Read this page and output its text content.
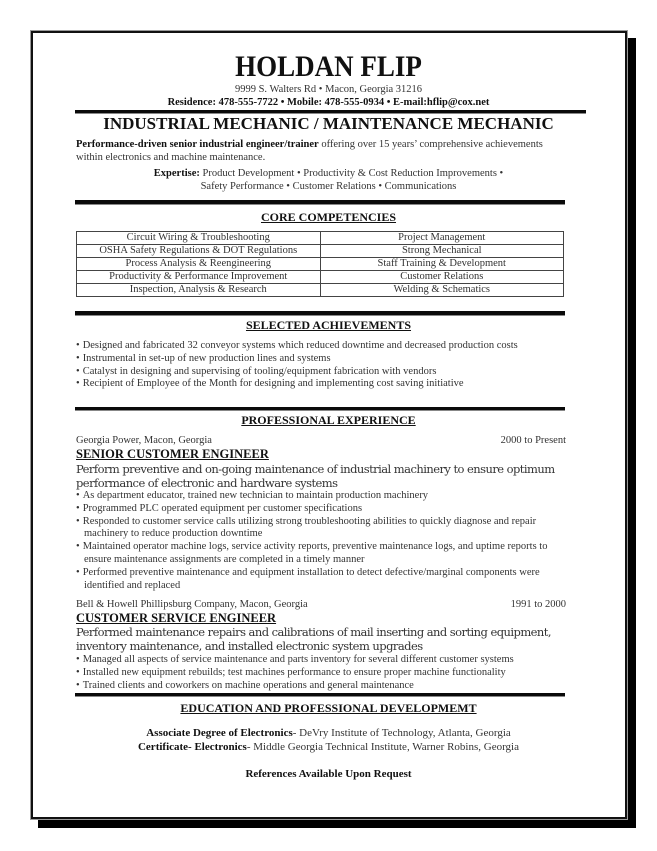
HOLDAN FLIP
9999 S. Walters Rd • Macon, Georgia 31216
Residence: 478-555-7722 • Mobile: 478-555-0934 • E-mail:hflip@cox.net
INDUSTRIAL MECHANIC / MAINTENANCE MECHANIC
Performance-driven senior industrial engineer/trainer offering over 15 years’ comprehensive achievements within electronics and machine maintenance.
Expertise: Product Development • Productivity & Cost Reduction Improvements •
Safety Performance • Customer Relations • Communications
CORE COMPETENCIES
Circuit Wiring & Troubleshooting	Project Management
OSHA Safety Regulations & DOT Regulations	Strong Mechanical
Process Analysis & Reengineering	Staff Training & Development
Productivity & Performance Improvement	Customer Relations
Inspection, Analysis & Research	Welding & Schematics
SELECTED ACHIEVEMENTS
• Designed and fabricated 32 conveyor systems which reduced downtime and decreased production costs
• Instrumental in set-up of new production lines and systems
• Catalyst in designing and supervising of tooling/equipment fabrication with vendors
• Recipient of Employee of the Month for designing and implementing cost saving initiative
PROFESSIONAL EXPERIENCE
Georgia Power, Macon, Georgia	2000 to Present
SENIOR CUSTOMER ENGINEER
Perform preventive and on-going maintenance of industrial machinery to ensure optimum performance of electronic and hardware systems
• As department educator, trained new technician to maintain production machinery
• Programmed PLC operated equipment per customer specifications
• Responded to customer service calls utilizing strong troubleshooting abilities to quickly diagnose and repair machinery to reduce production downtime
• Maintained operator machine logs, service activity reports, preventive maintenance logs, and uptime reports to ensure maintenance assignments are completed in a timely manner
• Performed preventive maintenance and equipment installation to detect defective/marginal components were identified and replaced
Bell & Howell Phillipsburg Company, Macon, Georgia	1991 to 2000
CUSTOMER SERVICE ENGINEER
Performed maintenance repairs and calibrations of mail inserting and sorting equipment, inventory maintenance, and installed electronic system upgrades
• Managed all aspects of service maintenance and parts inventory for several different customer systems
• Installed new equipment rebuilds; test machines performance to ensure proper machine functionality
• Trained clients and coworkers on machine operations and general maintenance
EDUCATION AND PROFESSIONAL DEVELOPMEMT
Associate Degree of Electronics- DeVry Institute of Technology, Atlanta, Georgia
Certificate- Electronics- Middle Georgia Technical Institute, Warner Robins, Georgia
References Available Upon Request
